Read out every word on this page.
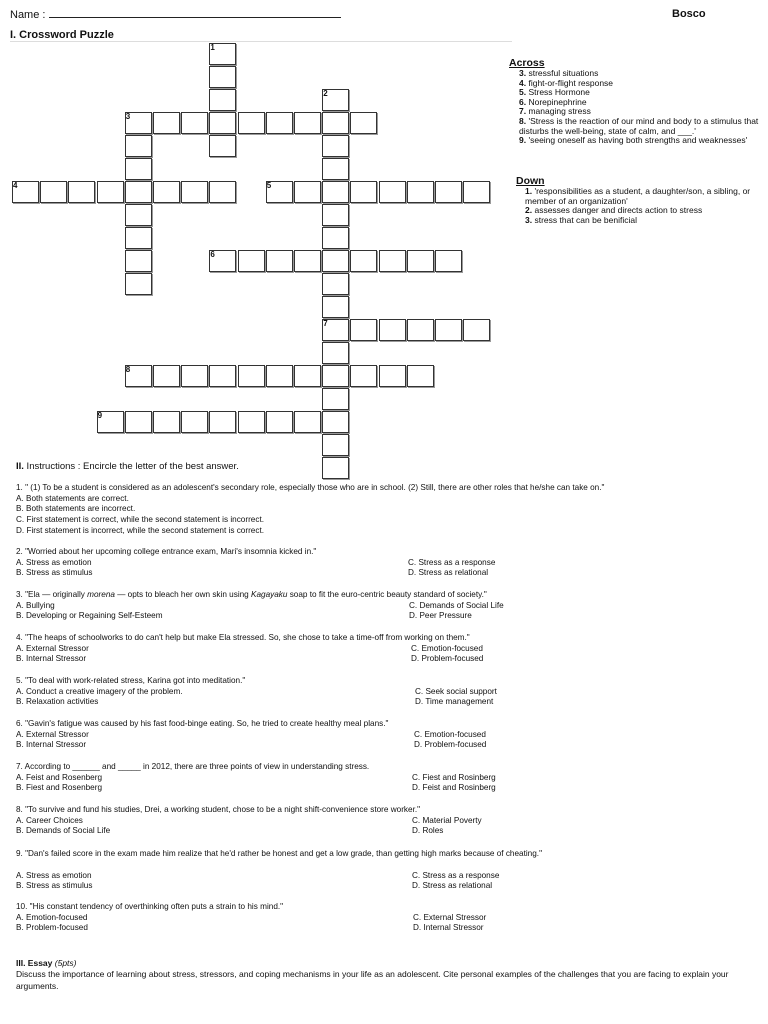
Name :	Bosco
I. Crossword Puzzle
1
2
3
4	5
6
7
8
9
Across
3. stressful situations
4. fight-or-flight response
5. Stress Hormone
6. Norepinephrine
7. managing stress
8. 'Stress is the reaction of our mind and body to a stimulus that disturbs the well-being, state of calm, and ___.'
9. 'seeing oneself as having both strengths and weaknesses'
Down
1. 'responsibilities as a student, a daughter/son, a sibling, or member of an organization'
2. assesses danger and directs action to stress
3. stress that can be benificial
II. Instructions : Encircle the letter of the best answer.
1. " (1) To be a student is considered as an adolescent's secondary role, especially those who are in school. (2) Still, there are other roles that he/she can take on."
A. Both statements are correct.
B. Both statements are incorrect.
C. First statement is correct, while the second statement is incorrect.
D. First statement is incorrect, while the second statement is correct.
2. "Worried about her upcoming college entrance exam, Mari's insomnia kicked in."
A. Stress as emotion
B. Stress as stimulus
C. Stress as a response
D. Stress as relational
3. "Ela — originally morena — opts to bleach her own skin using Kagayaku soap to fit the euro-centric beauty standard of society."
A. Bullying
B. Developing or Regaining Self-Esteem
C. Demands of Social Life
D. Peer Pressure
4. "The heaps of schoolworks to do can't help but make Ela stressed. So, she chose to take a time-off from working on them."
A. External Stressor
B. Internal Stressor
C. Emotion-focused
D. Problem-focused
5. "To deal with work-related stress, Karina got into meditation."
A. Conduct a creative imagery of the problem.
B. Relaxation activities
C. Seek social support
D. Time management
6. "Gavin's fatigue was caused by his fast food-binge eating. So, he tried to create healthy meal plans."
A. External Stressor
B. Internal Stressor
C. Emotion-focused
D. Problem-focused
7. According to ______ and _____ in 2012, there are three points of view in understanding stress.
A. Feist and Rosenberg
B. Fiest and Rosenberg
C. Fiest and Rosinberg
D. Feist and Rosinberg
8. "To survive and fund his studies, Drei, a working student, chose to be a night shift-convenience store worker."
A. Career Choices
B. Demands of Social Life
C. Material Poverty
D. Roles
9. "Dan's failed score in the exam made him realize that he'd rather be honest and get a low grade, than getting high marks because of cheating."
A. Stress as emotion
B. Stress as stimulus
C. Stress as a response
D. Stress as relational
10. "His constant tendency of overthinking often puts a strain to his mind."
A. Emotion-focused
B. Problem-focused
C. External Stressor
D. Internal Stressor
III. Essay (5pts)
Discuss the importance of learning about stress, stressors, and coping mechanisms in your life as an adolescent. Cite personal examples of the challenges that you are facing to explain your arguments.
